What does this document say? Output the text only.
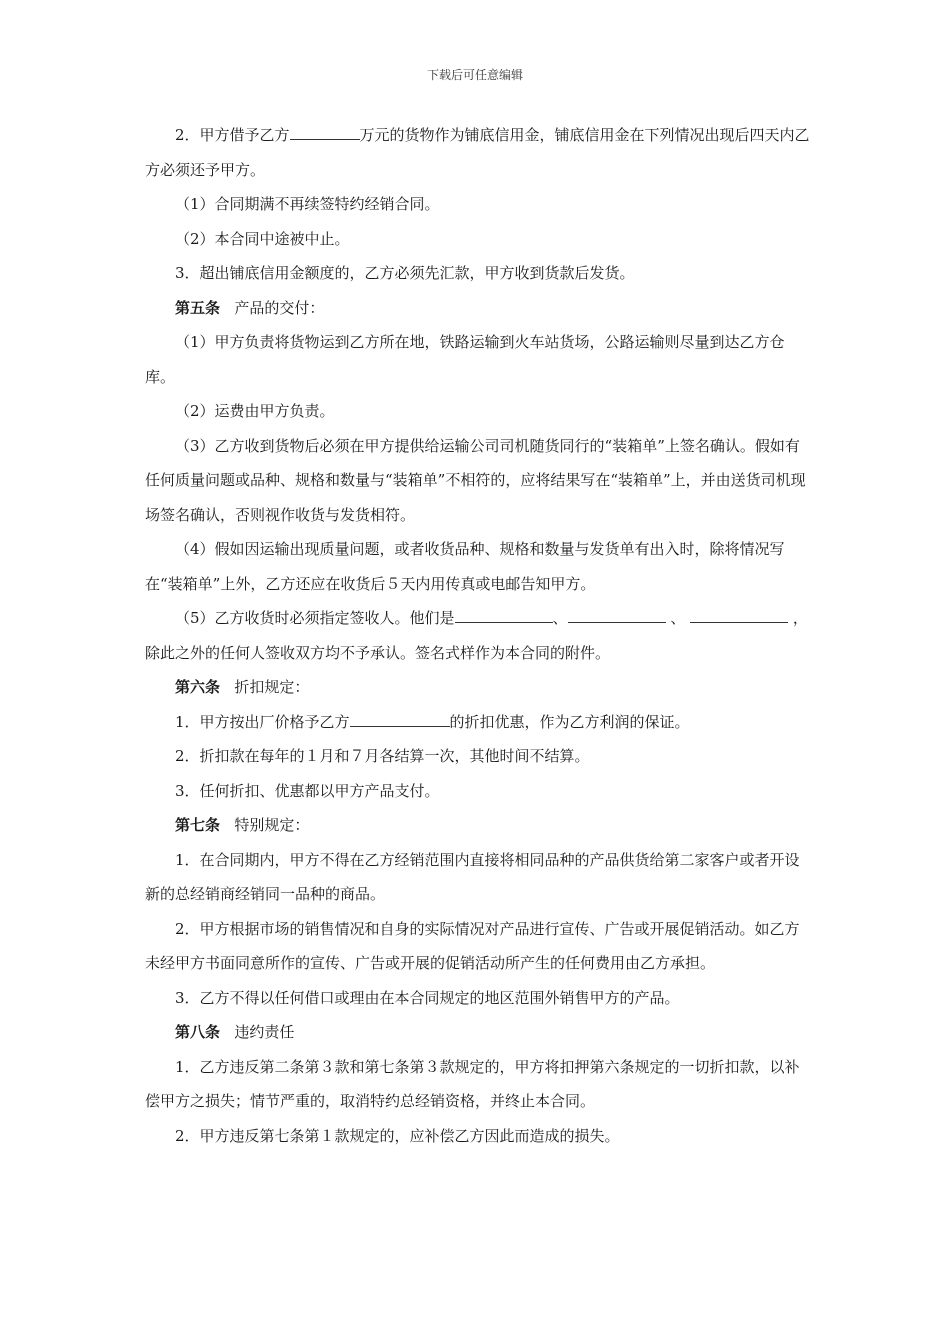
下载后可任意编辑

2．甲方借予乙方	万元的货物作为铺底信用金，铺底信用金在下列情况出现后四天内乙方必须还予甲方。

（1）合同期满不再续签特约经销合同。

（2）本合同中途被中止。

3．超出铺底信用金额度的，乙方必须先汇款，甲方收到货款后发货。

第五条 产品的交付：

（1）甲方负责将货物运到乙方所在地，铁路运输到火车站货场，公路运输则尽量到达乙方仓库。

（2）运费由甲方负责。

（3）乙方收到货物后必须在甲方提供给运输公司司机随货同行的“装箱单”上签名确认。假如有任何质量问题或品种、规格和数量与“装箱单”不相符的，应将结果写在“装箱单”上，并由送货司机现场签名确认，否则视作收货与发货相符。

（4）假如因运输出现质量问题，或者收货品种、规格和数量与发货单有出入时，除将情况写在“装箱单”上外，乙方还应在收货后５天内用传真或电邮告知甲方。

（5）乙方收货时必须指定签收人。他们是	、	、	，除此之外的任何人签收双方均不予承认。签名式样作为本合同的附件。

第六条 折扣规定：

1．甲方按出厂价格予乙方	的折扣优惠，作为乙方利润的保证。

2．折扣款在每年的１月和７月各结算一次，其他时间不结算。

3．任何折扣、优惠都以甲方产品支付。

第七条 特别规定：

1．在合同期内，甲方不得在乙方经销范围内直接将相同品种的产品供货给第二家客户或者开设新的总经销商经销同一品种的商品。

2．甲方根据市场的销售情况和自身的实际情况对产品进行宣传、广告或开展促销活动。如乙方未经甲方书面同意所作的宣传、广告或开展的促销活动所产生的任何费用由乙方承担。

3．乙方不得以任何借口或理由在本合同规定的地区范围外销售甲方的产品。

第八条 违约责任

1．乙方违反第二条第３款和第七条第３款规定的，甲方将扣押第六条规定的一切折扣款，以补偿甲方之损失；情节严重的，取消特约总经销资格，并终止本合同。

2．甲方违反第七条第１款规定的，应补偿乙方因此而造成的损失。
